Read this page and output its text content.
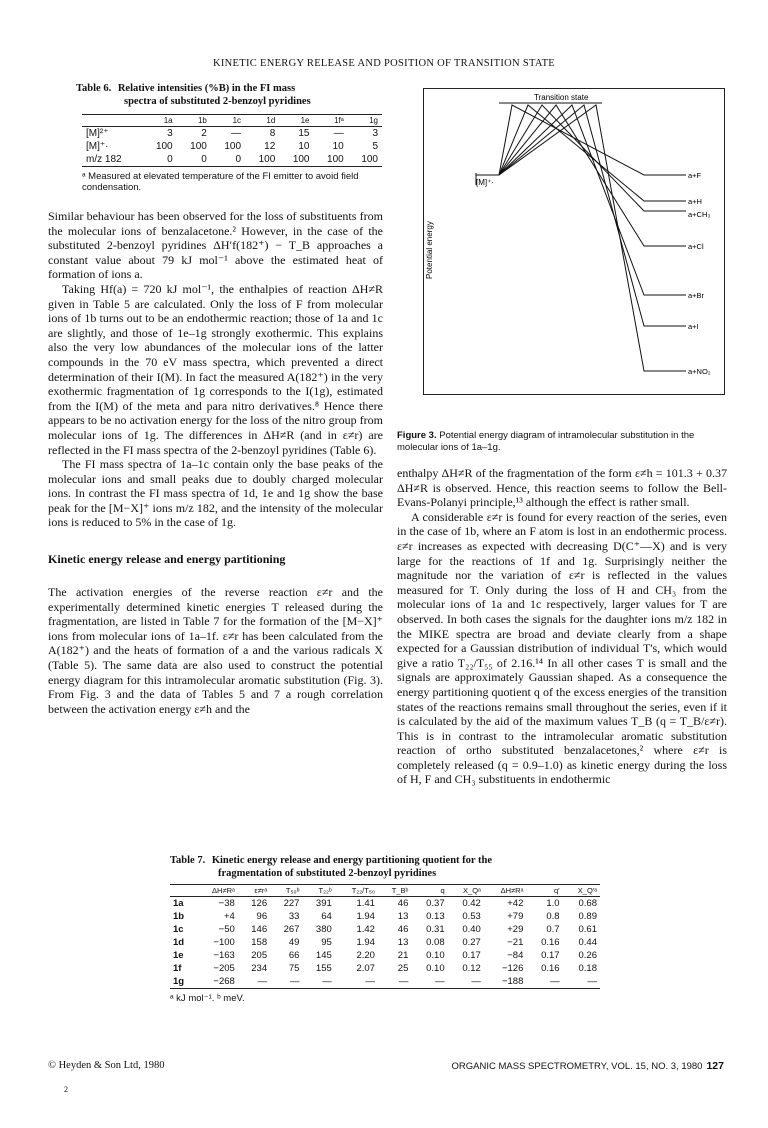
KINETIC ENERGY RELEASE AND POSITION OF TRANSITION STATE
Table 6. Relative intensities (%B) in the FI mass
spectra of substituted 2-benzoyl pyridines
	1a	1b	1c	1d	1e	1fᵃ	1g
[M]²⁺	3	2	—	8	15	—	3
[M]⁺·	100	100	100	12	10	10	5
m/z 182	0	0	0	100	100	100	100
ᵃ Measured at elevated temperature of the FI emitter to avoid field condensation.

Similar behaviour has been observed for the loss of substituents from the molecular ions of benzalacetone.² However, in the case of the substituted 2-benzoyl pyridines ΔH′f(182⁺) − T_B approaches a constant value about 79 kJ mol⁻¹ above the estimated heat of formation of ions a.

Taking Hf(a) = 720 kJ mol⁻¹, the enthalpies of reaction ΔH≠R given in Table 5 are calculated. Only the loss of F from molecular ions of 1b turns out to be an endothermic reaction; those of 1a and 1c are slightly, and those of 1e–1g strongly exothermic. This explains also the very low abundances of the molecular ions of the latter compounds in the 70 eV mass spectra, which prevented a direct determination of their I(M). In fact the measured A(182⁺) in the very exothermic fragmentation of 1g corresponds to the I(1g), estimated from the I(M) of the meta and para nitro derivatives.⁸ Hence there appears to be no activation energy for the loss of the nitro group from molecular ions of 1g. The differences in ΔH≠R (and in ε≠r) are reflected in the FI mass spectra of the 2-benzoyl pyridines (Table 6).

The FI mass spectra of 1a–1c contain only the base peaks of the molecular ions and small peaks due to doubly charged molecular ions. In contrast the FI mass spectra of 1d, 1e and 1g show the base peak for the [M−X]⁺ ions m/z 182, and the intensity of the molecular ions is reduced to 5% in the case of 1g.

Kinetic energy release and energy partitioning

The activation energies of the reverse reaction ε≠r and the experimentally determined kinetic energies T released during the fragmentation, are listed in Table 7 for the formation of the [M−X]⁺ ions from molecular ions of 1a–1f. ε≠r has been calculated from the A(182⁺) and the heats of formation of a and the various radicals X (Table 5). The same data are also used to construct the potential energy diagram for this intramolecular aromatic substitution (Fig. 3). From Fig. 3 and the data of Tables 5 and 7 a rough correlation between the activation energy ε≠h and the

Transition state
Potential energy
[M]⁺·
a+F
a+H
a+CH₃
a+Cl
a+Br
a+I
a+NO₂
Figure 3. Potential energy diagram of intramolecular substitution in the molecular ions of 1a–1g.

enthalpy ΔH≠R of the fragmentation of the form ε≠h = 101.3 + 0.37 ΔH≠R is observed. Hence, this reaction seems to follow the Bell-Evans-Polanyi principle,¹³ although the effect is rather small.

A considerable ε≠r is found for every reaction of the series, even in the case of 1b, where an F atom is lost in an endothermic process. ε≠r increases as expected with decreasing D(C⁺—X) and is very large for the reactions of 1f and 1g. Surprisingly neither the magnitude nor the variation of ε≠r is reflected in the values measured for T. Only during the loss of H and CH₃ from the molecular ions of 1a and 1c respectively, larger values for T are observed. In both cases the signals for the daughter ions m/z 182 in the MIKE spectra are broad and deviate clearly from a shape expected for a Gaussian distribution of individual T's, which would give a ratio T₂₂/T₅₅ of 2.16.¹⁴ In all other cases T is small and the signals are approximately Gaussian shaped. As a consequence the energy partitioning quotient q of the excess energies of the transition states of the reactions remains small throughout the series, even if it is calculated by the aid of the maximum values T_B (q = T_B/ε≠r). This is in contrast to the intramolecular aromatic substitution reaction of ortho substituted benzalacetones,² where ε≠r is completely released (q = 0.9–1.0) as kinetic energy during the loss of H, F and CH₃ substituents in endothermic

Table 7. Kinetic energy release and energy partitioning quotient for the
fragmentation of substituted 2-benzoyl pyridines
	ΔH≠Rᵃ	ε≠rᵃ	T₅₀ᵇ	T₂₂ᵇ	T₂₂/T₅₀	T_Bᵇ	q	X_Qᵃ	ΔH≠Rᵃ	q′	X_Q′ᵃ
1a	−38	126	227	391	1.41	46	0.37	0.42	+42	1.0	0.68
1b	+4	96	33	64	1.94	13	0.13	0.53	+79	0.8	0.89
1c	−50	146	267	380	1.42	46	0.31	0.40	+29	0.7	0.61
1d	−100	158	49	95	1.94	13	0.08	0.27	−21	0.16	0.44
1e	−163	205	66	145	2.20	21	0.10	0.17	−84	0.17	0.26
1f	−205	234	75	155	2.07	25	0.10	0.12	−126	0.16	0.18
1g	−268	—	—	—	—	—	—	—	−188	—	—
ᵃ kJ mol⁻¹. ᵇ meV.
© Heyden & Son Ltd, 1980	ORGANIC MASS SPECTROMETRY, VOL. 15, NO. 3, 1980 127
2
